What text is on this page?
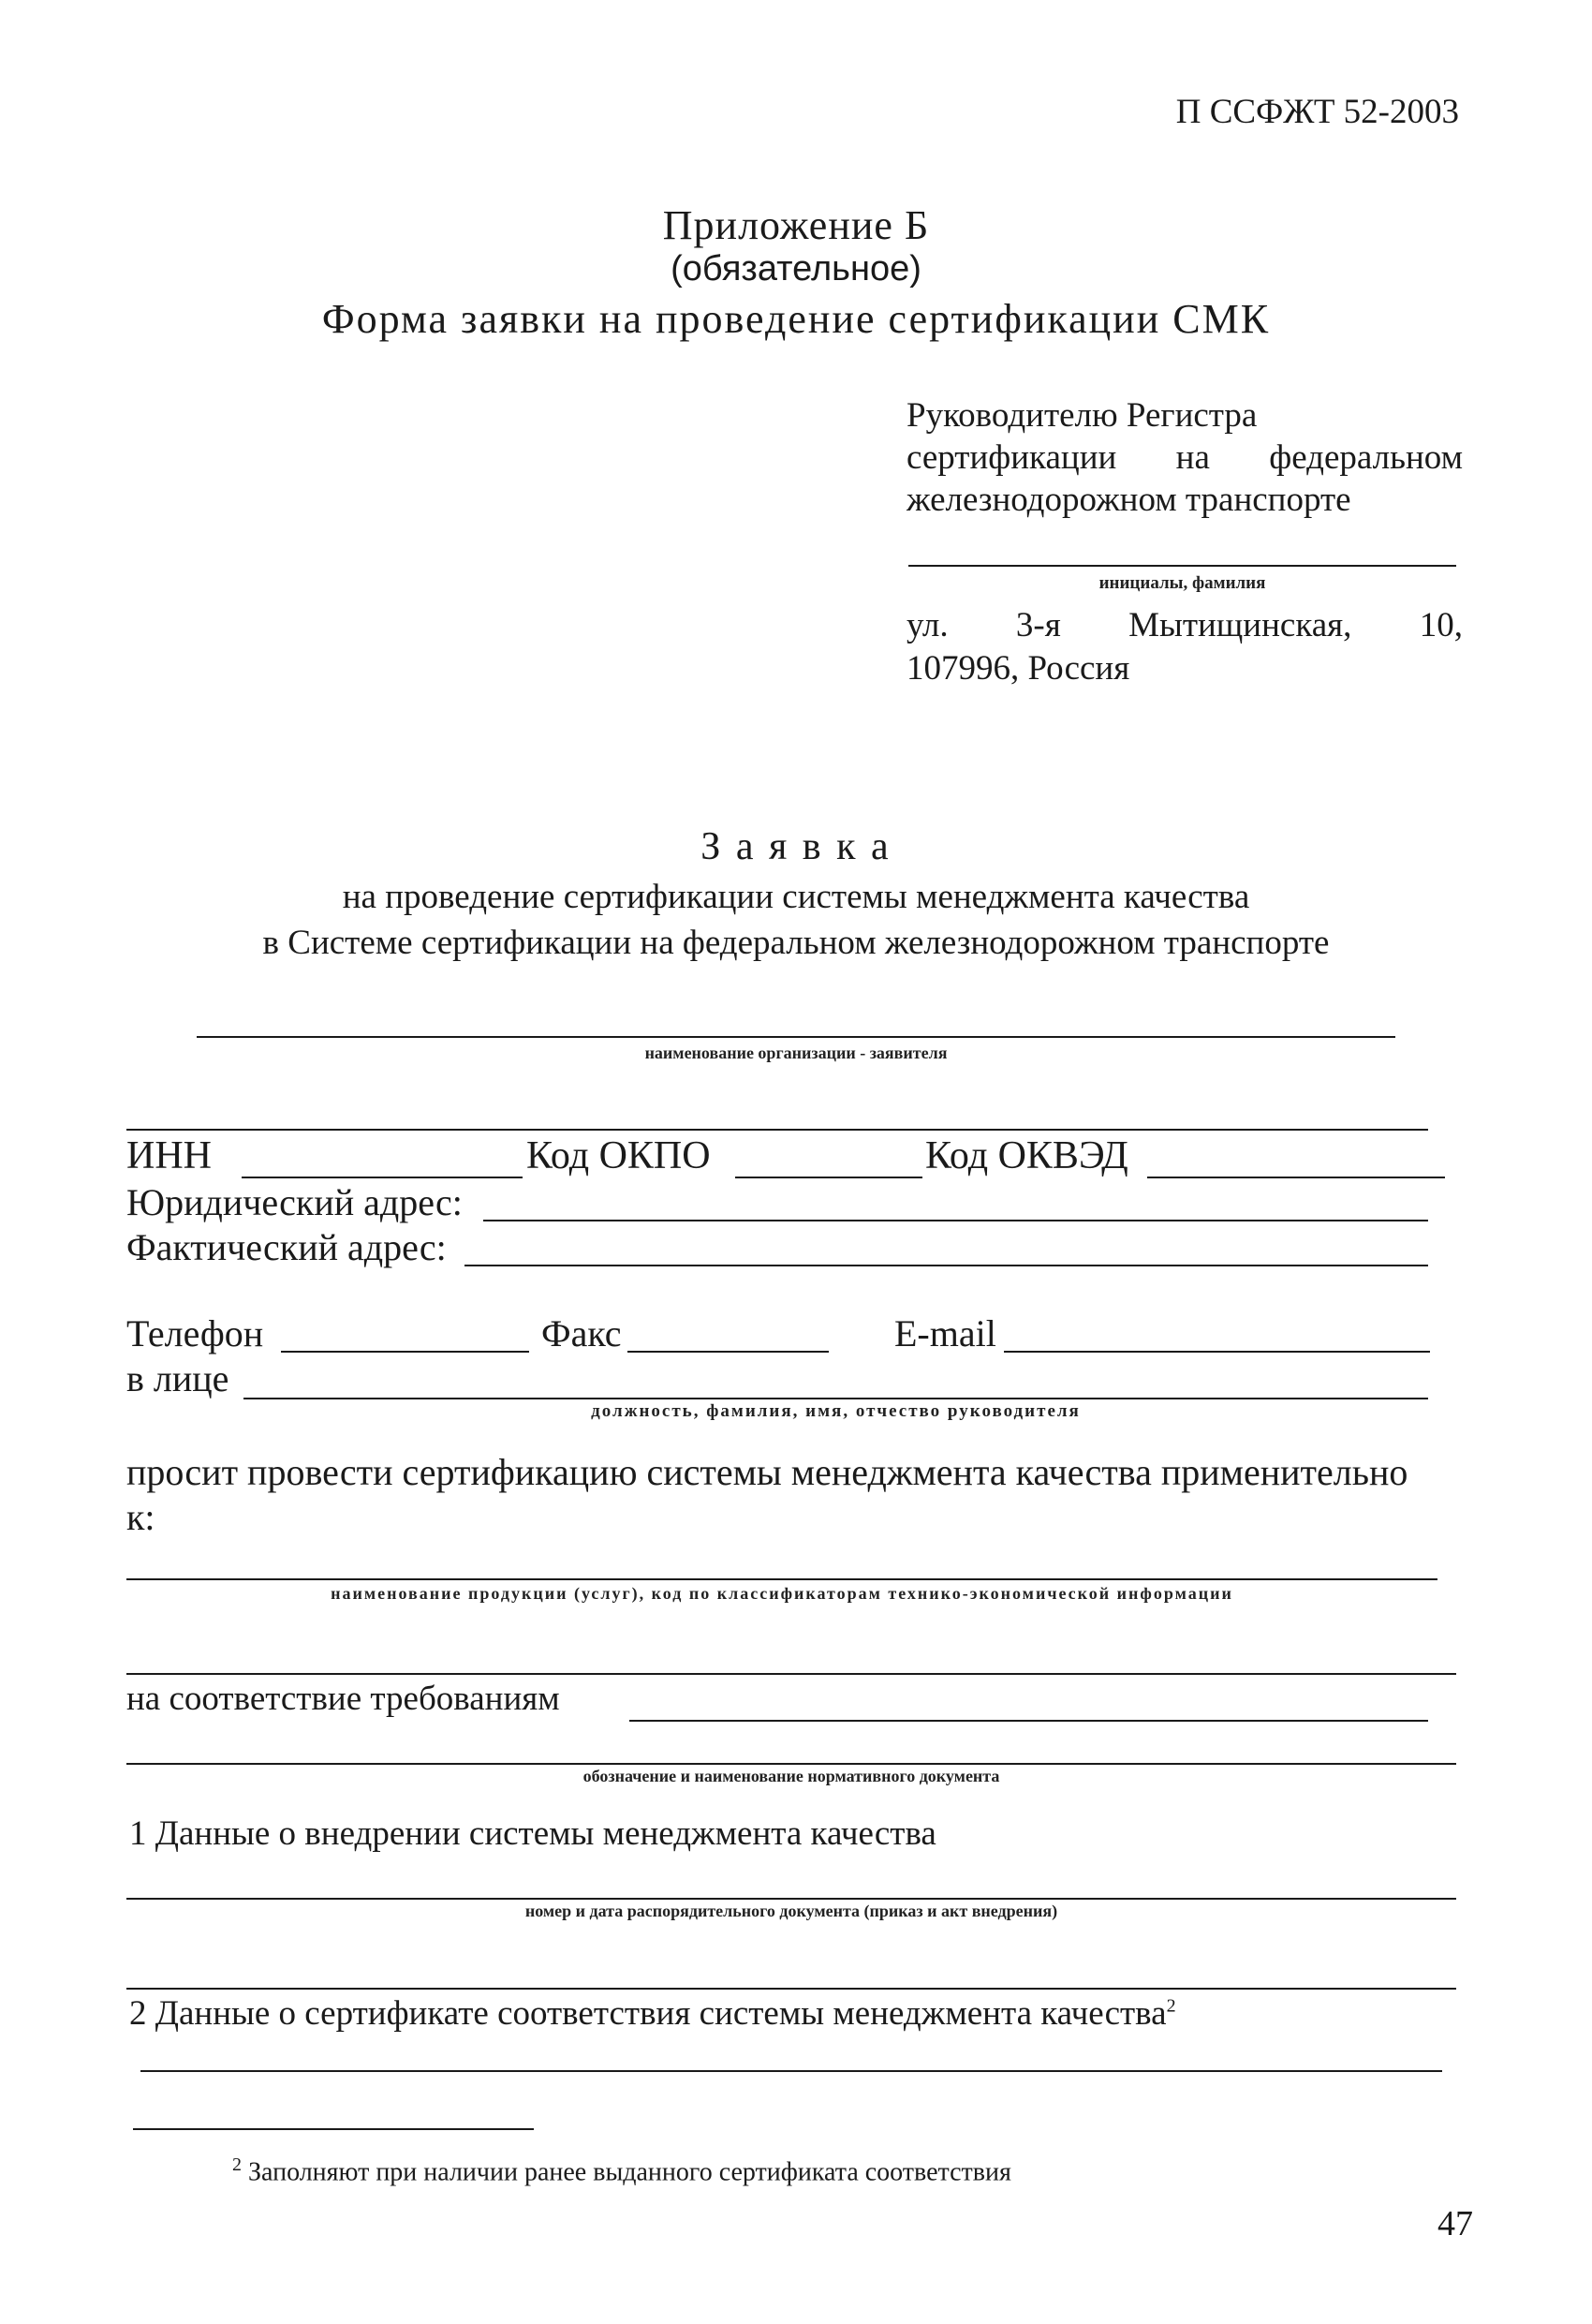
П ССФЖТ 52-2003
Приложение Б
(обязательное)
Форма заявки на проведение сертификации СМК
Руководителю Регистра
сертификации на федеральном
железнодорожном транспорте
инициалы, фамилия
ул. 3-я Мытищинская, 10,
107996, Россия
З а я в к а
на проведение сертификации системы менеджмента качества
в Системе сертификации на федеральном железнодорожном транспорте
наименование организации - заявителя
ИНН	Код ОКПО	Код ОКВЭД
Юридический адрес:
Фактический адрес:
Телефон	Факс	E-mail
в лице
должность, фамилия, имя, отчество руководителя
просит провести сертификацию системы менеджмента качества применительно
к:
наименование продукции (услуг), код по классификаторам технико-экономической информации
на соответствие требованиям
обозначение и наименование нормативного документа
1 Данные о внедрении системы менеджмента качества
номер и дата распорядительного документа (приказ и акт внедрения)
2 Данные о сертификате соответствия системы менеджмента качества$^2$
$^2$ Заполняют при наличии ранее выданного сертификата соответствия
47
